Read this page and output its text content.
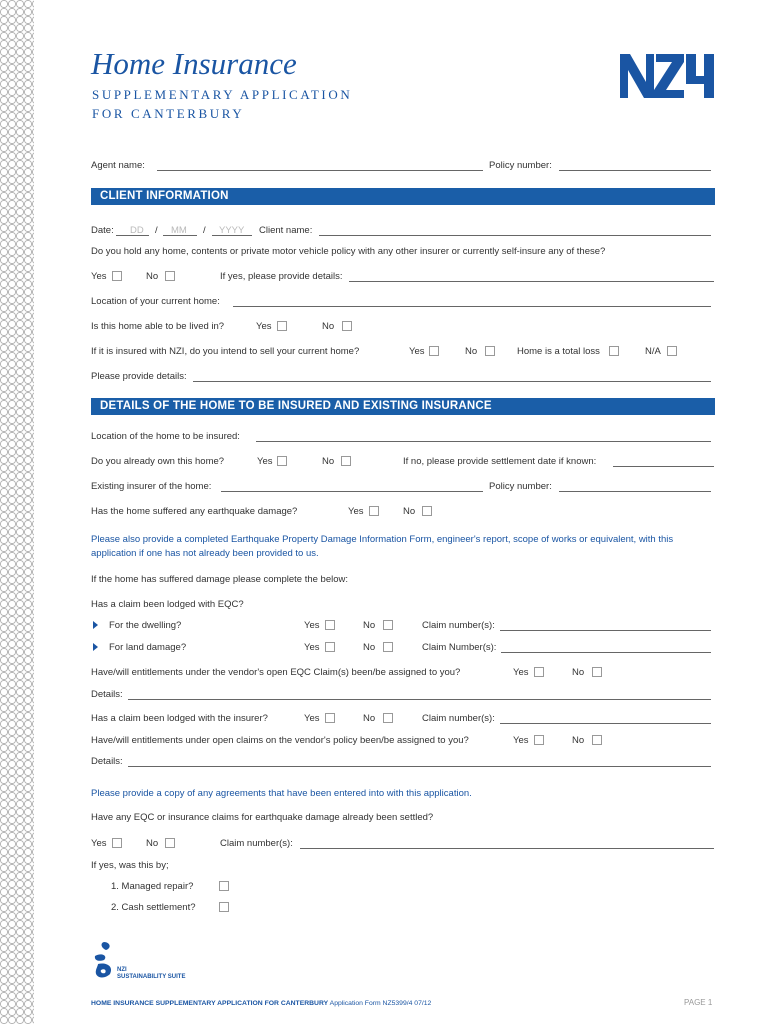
Home Insurance
SUPPLEMENTARY APPLICATION
FOR CANTERBURY
Agent name:	Policy number:
CLIENT INFORMATION
Date: DD / MM / YYYY Client name:
Do you hold any home, contents or private motor vehicle policy with any other insurer or currently self-insure any of these?
Yes	No	If yes, please provide details:
Location of your current home:
Is this home able to be lived in?	Yes	No
If it is insured with NZI, do you intend to sell your current home?	Yes	No	Home is a total loss	N/A
Please provide details:
DETAILS OF THE HOME TO BE INSURED AND EXISTING INSURANCE
Location of the home to be insured:
Do you already own this home?	Yes	No	If no, please provide settlement date if known:
Existing insurer of the home:	Policy number:
Has the home suffered any earthquake damage?	Yes	No
Please also provide a completed Earthquake Property Damage Information Form, engineer's report, scope of works or equivalent, with this
application if one has not already been provided to us.
If the home has suffered damage please complete the below:
Has a claim been lodged with EQC?
For the dwelling?	Yes	No	Claim number(s):
For land damage?	Yes	No	Claim Number(s):
Have/will entitlements under the vendor's open EQC Claim(s) been/be assigned to you?	Yes	No
Details:
Has a claim been lodged with the insurer?	Yes	No	Claim number(s):
Have/will entitlements under open claims on the vendor's policy been/be assigned to you?	Yes	No
Details:
Please provide a copy of any agreements that have been entered into with this application.
Have any EQC or insurance claims for earthquake damage already been settled?
Yes	No	Claim number(s):
If yes, was this by;
1. Managed repair?
2. Cash settlement?
NZI
SUSTAINABILITY SUITE
HOME INSURANCE SUPPLEMENTARY APPLICATION FOR CANTERBURY Application Form NZ5399/4 07/12	PAGE 1
